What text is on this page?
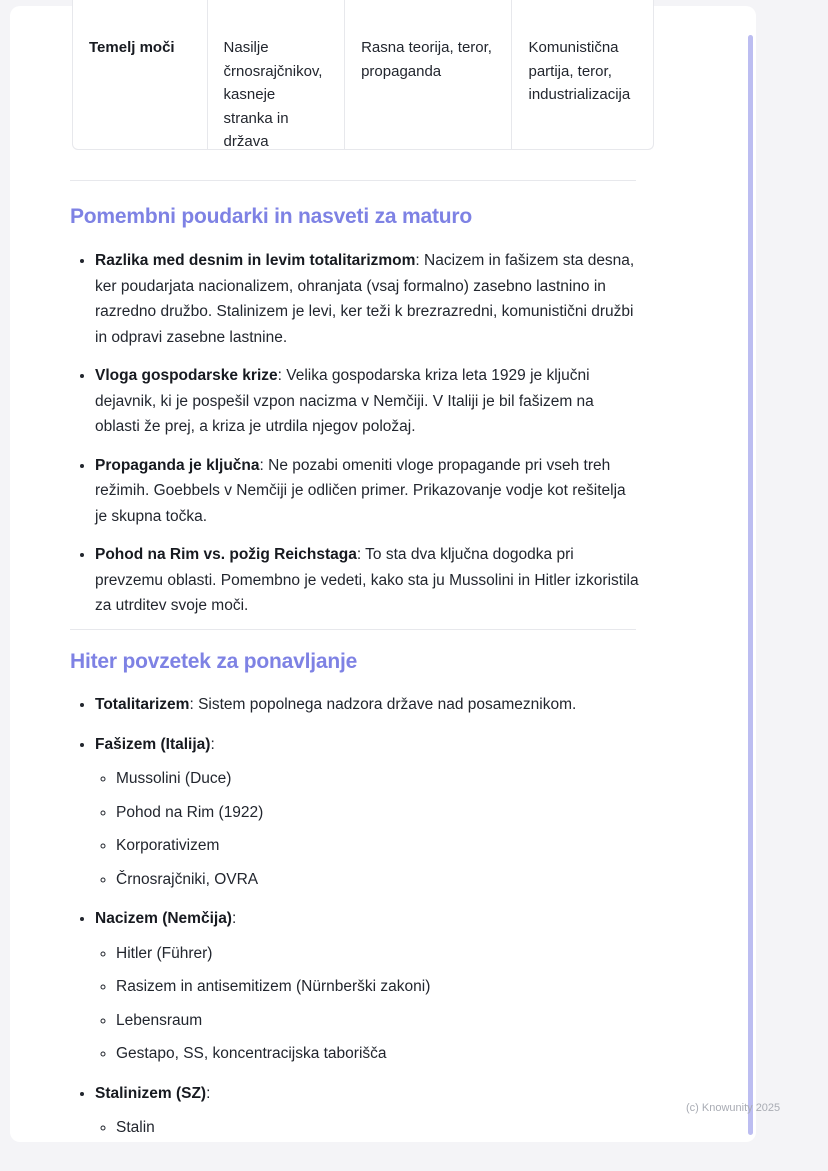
Temelj moči	Nasilje črnosrajčnikov, kasneje stranka in država
Rasna teorija, teror, propaganda
Komunistična partija, teror, industrializacija
Pomembni poudarki in nasveti za maturo
• Razlika med desnim in levim totalitarizmom: Nacizem in fašizem sta desna, ker poudarjata nacionalizem, ohranjata (vsaj formalno) zasebno lastnino in razredno družbo. Stalinizem je levi, ker teži k brezrazredni, komunistični družbi in odpravi zasebne lastnine.
• Vloga gospodarske krize: Velika gospodarska kriza leta 1929 je ključni dejavnik, ki je pospešil vzpon nacizma v Nemčiji. V Italiji je bil fašizem na oblasti že prej, a kriza je utrdila njegov položaj.
• Propaganda je ključna: Ne pozabi omeniti vloge propagande pri vseh treh režimih. Goebbels v Nemčiji je odličen primer. Prikazovanje vodje kot rešitelja je skupna točka.
• Pohod na Rim vs. požig Reichstaga: To sta dva ključna dogodka pri prevzemu oblasti. Pomembno je vedeti, kako sta ju Mussolini in Hitler izkoristila za utrditev svoje moči.
Hiter povzetek za ponavljanje
• Totalitarizem: Sistem popolnega nadzora države nad posameznikom.
• Fašizem (Italija):
◦ Mussolini (Duce)
◦ Pohod na Rim (1922)
◦ Korporativizem
◦ Črnosrajčniki, OVRA
• Nacizem (Nemčija):
◦ Hitler (Führer)
◦ Rasizem in antisemitizem (Nürnberški zakoni)
◦ Lebensraum
◦ Gestapo, SS, koncentracijska taborišča
• Stalinizem (SZ):
◦ Stalin
(c) Knowunity 2025
